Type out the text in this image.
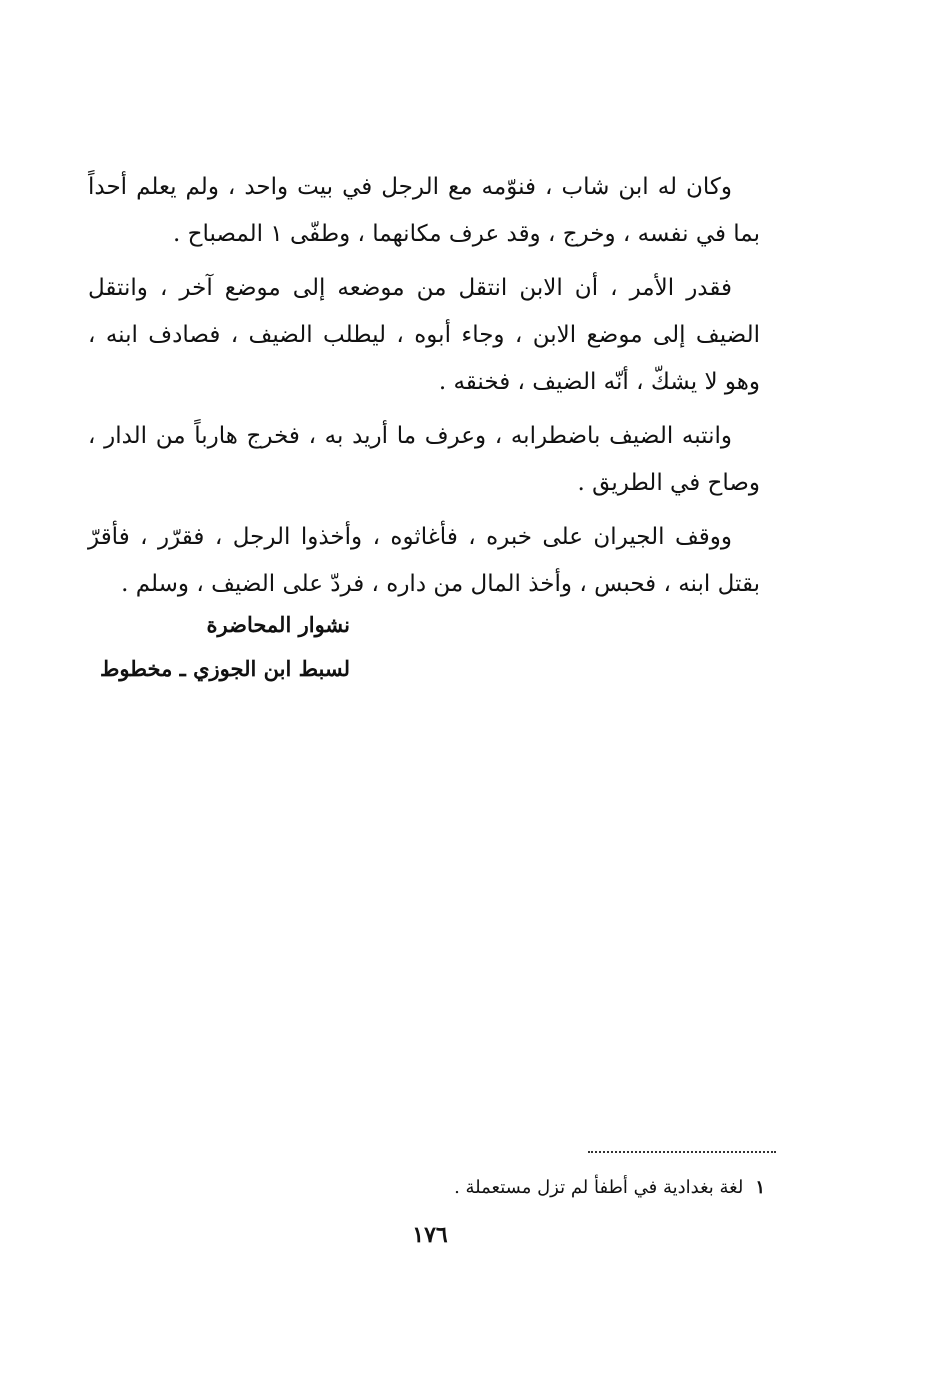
وكان له ابن شاب ، فنوّمه مع الرجل في بيت واحد ، ولم يعلم أحداً بما في نفسه ، وخرج ، وقد عرف مكانهما ، وطفّى ١ المصباح .

فقدر الأمر ، أن الابن انتقل من موضعه إلى موضع آخر ، وانتقل الضيف إلى موضع الابن ، وجاء أبوه ، ليطلب الضيف ، فصادف ابنه ، وهو لا يشكّ ، أنّه الضيف ، فخنقه .

وانتبه الضيف باضطرابه ، وعرف ما أريد به ، فخرج هارباً من الدار ، وصاح في الطريق .

ووقف الجيران على خبره ، فأغاثوه ، وأخذوا الرجل ، فقرّر ، فأقرّ بقتل ابنه ، فحبس ، وأخذ المال من داره ، فردّ على الضيف ، وسلم .

نشوار المحاضرة
لسبط ابن الجوزي ـ مخطوط
١لغة بغدادية في أطفأ لم تزل مستعملة .
١٧٦
